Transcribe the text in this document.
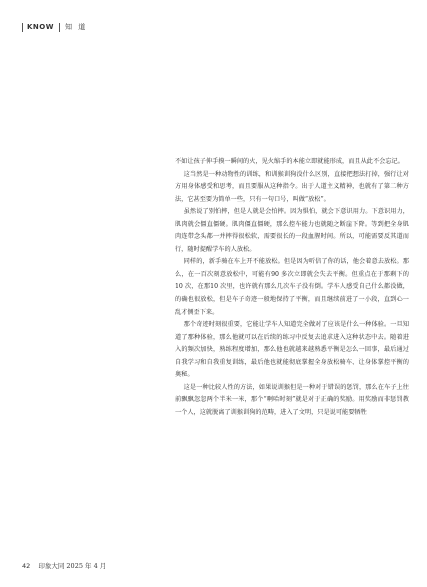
KNOW 知 道

不如让孩子伸手摸一瞬间的火，见火缩手的本能立即就能形成，而且从此不会忘记。

这当然是一种动物性的训练，和训猴训狗没什么区别，直接把想法打掉，强行让对方用身体感受和思考，而且要服从这种指令。出于人道主义精神，也就有了第二种方法，它甚至要为简单一些，只有一句口号，叫做“放松”。

虽然说了别怕摔，但是人就是会怕摔。因为惧怕，就会下意识用力。下意识用力，肌肉就会僵直僵硬。肌肉僵直僵硬，那么控车能力也就随之断崖下降。等到把全身肌肉连带念头都一并摔得很松软，需要很长的一段血腥时间。所以，可能需要反其道而行，随时提醒学车的人放松。

同样的，新手骑在车上开不能放松。但是因为听信了你的话，他会着意去放松。那么，在一百次刻意放松中，可能有90 多次立即就会失去平衡。但重点在于那剩下的 10 次，在那10 次里，也许就有那么几次车子没有倒。学车人感受自己什么都没做，的确也很放松，但是车子奇迹一般地保持了平衡，而且继续前进了一小段，直到心一乱才侧歪下来。

那个奇迹时刻很重要，它能让学车人知道完全做对了应该是什么一种体验。一旦知道了那种体验，那么他就可以在后续的练习中反复去追求进入这种状态中去。随着进入的频次加快，熟练程度增加，那么他也就越来越熟悉平衡是怎么一回事，最后通过自我学习和自我重复训练，最后他也就能彻底掌握全身放松骑车、让身体掌控平衡的奥秘。

这是一种比较人性的方法，如果说训猴但是一种对于错误的惩罚，那么在车子上往前飘飘忽忽两个半米一米，那个“啊哈时刻”就是对于正确的奖励。用奖励而非惩罚教一个人，这就脱离了训猴训狗的范畴，进入了文明，只是说可能要牺牲

42 印象大同 2025 年 4 月
